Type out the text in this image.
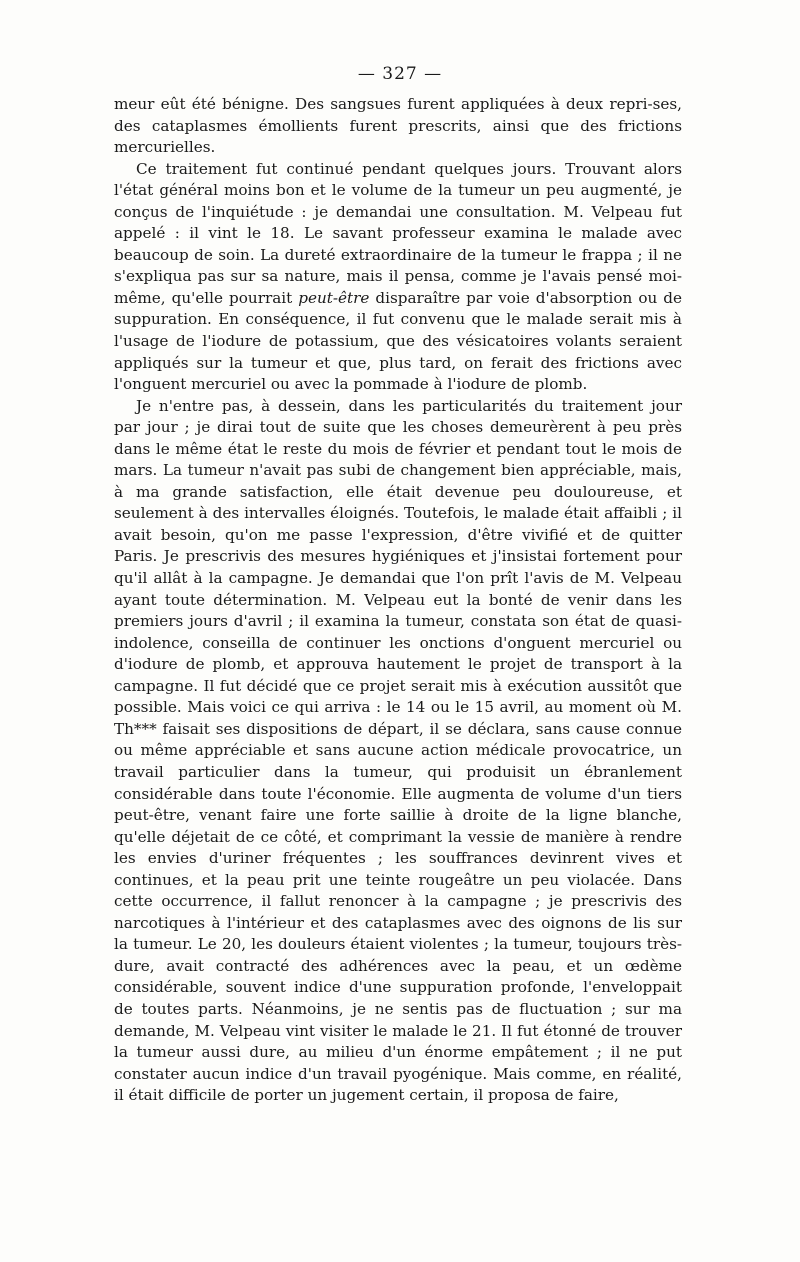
— 327 —

meur eût été bénigne. Des sangsues furent appliquées à deux repri-ses, des cataplasmes émollients furent prescrits, ainsi que des frictions mercurielles.

Ce traitement fut continué pendant quelques jours. Trouvant alors l'état général moins bon et le volume de la tumeur un peu augmenté, je conçus de l'inquiétude : je demandai une consultation. M. Velpeau fut appelé : il vint le 18. Le savant professeur examina le malade avec beaucoup de soin. La dureté extraordinaire de la tumeur le frappa ; il ne s'expliqua pas sur sa nature, mais il pensa, comme je l'avais pensé moi-même, qu'elle pourrait peut-être disparaître par voie d'absorption ou de suppuration. En conséquence, il fut convenu que le malade serait mis à l'usage de l'iodure de potassium, que des vésicatoires volants seraient appliqués sur la tumeur et que, plus tard, on ferait des frictions avec l'onguent mercuriel ou avec la pommade à l'iodure de plomb.

Je n'entre pas, à dessein, dans les particularités du traitement jour par jour ; je dirai tout de suite que les choses demeurèrent à peu près dans le même état le reste du mois de février et pendant tout le mois de mars. La tumeur n'avait pas subi de changement bien appréciable, mais, à ma grande satisfaction, elle était devenue peu douloureuse, et seulement à des intervalles éloignés. Toutefois, le malade était affaibli ; il avait besoin, qu'on me passe l'expression, d'être vivifié et de quitter Paris. Je prescrivis des mesures hygiéniques et j'insistai fortement pour qu'il allât à la campagne. Je demandai que l'on prît l'avis de M. Velpeau ayant toute détermination. M. Velpeau eut la bonté de venir dans les premiers jours d'avril ; il examina la tumeur, constata son état de quasi-indolence, conseilla de continuer les onctions d'onguent mercuriel ou d'iodure de plomb, et approuva hautement le projet de transport à la campagne. Il fut décidé que ce projet serait mis à exécution aussitôt que possible. Mais voici ce qui arriva : le 14 ou le 15 avril, au moment où M. Th*** faisait ses dispositions de départ, il se déclara, sans cause connue ou même appréciable et sans aucune action médicale provocatrice, un travail particulier dans la tumeur, qui produisit un ébranlement considérable dans toute l'économie. Elle augmenta de volume d'un tiers peut-être, venant faire une forte saillie à droite de la ligne blanche, qu'elle déjetait de ce côté, et comprimant la vessie de manière à rendre les envies d'uriner fréquentes ; les souffrances devinrent vives et continues, et la peau prit une teinte rougeâtre un peu violacée. Dans cette occurrence, il fallut renoncer à la campagne ; je prescrivis des narcotiques à l'intérieur et des cataplasmes avec des oignons de lis sur la tumeur. Le 20, les douleurs étaient violentes ; la tumeur, toujours très-dure, avait contracté des adhérences avec la peau, et un œdème considérable, souvent indice d'une suppuration profonde, l'enveloppait de toutes parts. Néanmoins, je ne sentis pas de fluctuation ; sur ma demande, M. Velpeau vint visiter le malade le 21. Il fut étonné de trouver la tumeur aussi dure, au milieu d'un énorme empâtement ; il ne put constater aucun indice d'un travail pyogénique. Mais comme, en réalité, il était difficile de porter un jugement certain, il proposa de faire,
